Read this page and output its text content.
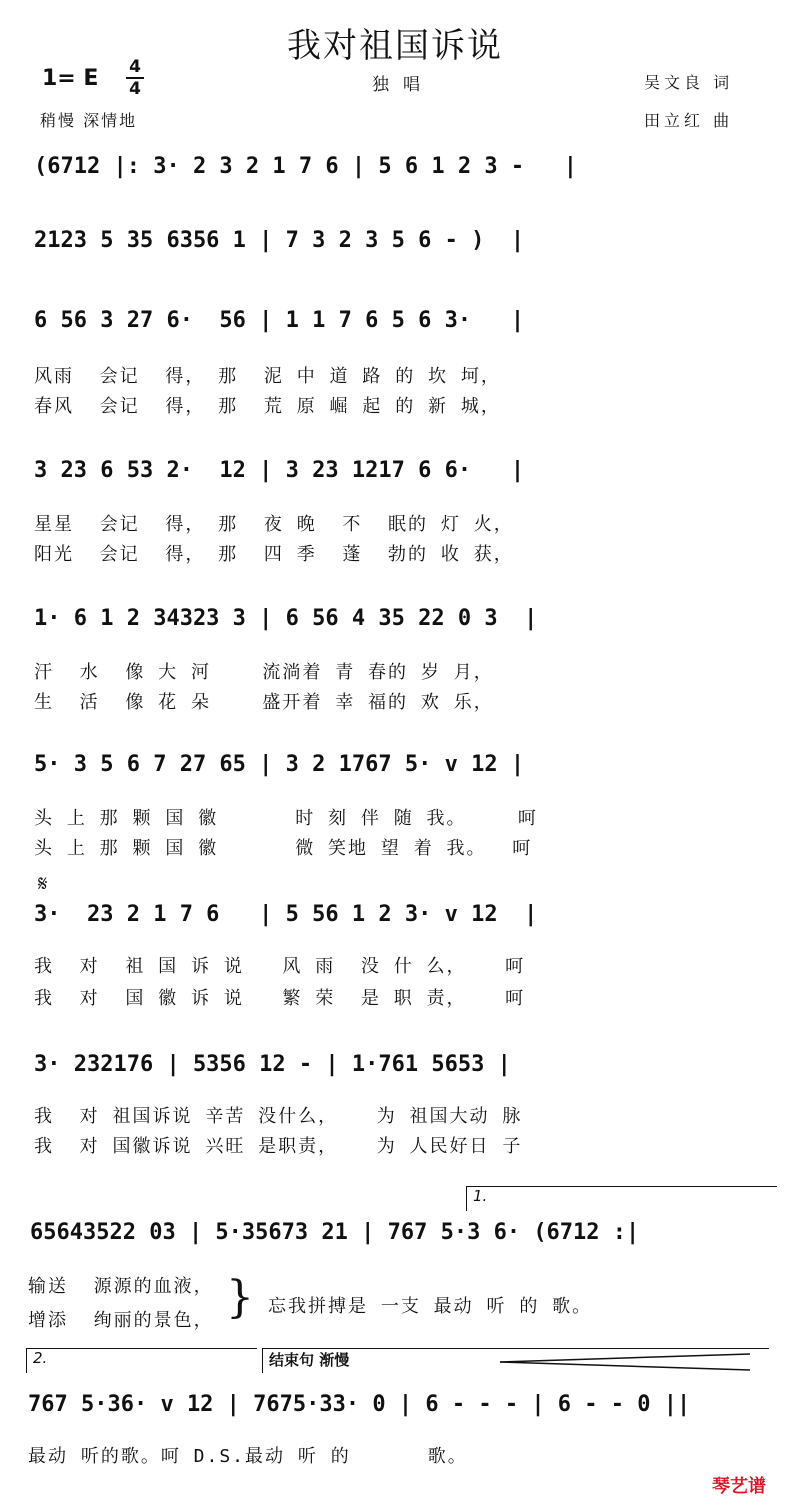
我对祖国诉说
1= E 4
4	独唱	吴文良 词
田立红 曲
稍慢 深情地
(6712 |: 3· 2 3 2 1 7 6 | 5 6 1 2 3 -   |
2123 5 35 6356 1 | 7 3 2 3 5 6 - )  |
6 56 3 27 6·  56 | 1 1 7 6 5 6 3·   |
风雨  会记  得， 那  泥 中 道 路 的 坎 坷，
春风  会记  得， 那  荒 原 崛 起 的 新 城，
3 23 6 53 2·  12 | 3 23 1217 6 6·   |
星星  会记  得， 那  夜 晚  不  眠的 灯 火，
阳光  会记  得， 那  四 季  蓬  勃的 收 获，
1· 6 1 2 34323 3 | 6 56 4 35 22 0 3  |
汗  水  像 大 河    流淌着 青 春的 岁 月，
生  活  像 花 朵    盛开着 幸 福的 欢 乐，
5· 3 5 6 7 27 65 | 3 2 1767 5· v 12 |
头 上 那 颗 国 徽      时 刻 伴 随 我。    呵
头 上 那 颗 国 徽      微 笑地 望 着 我。  呵
𝄋
3·  23 2 1 7 6   | 5 56 1 2 3· v 12  |
我  对  祖 国 诉 说   风 雨  没 什 么，   呵
我  对  国 徽 诉 说   繁 荣  是 职 责，   呵
3· 232176 | 5356 12 - | 1·761 5653 |
我  对 祖国诉说 辛苦 没什么，   为 祖国大动 脉
我  对 国徽诉说 兴旺 是职责，   为 人民好日 子
1.
65643522 03 | 5·35673 21 | 767 5·3 6· (6712 :|
输送  源源的血液，
增添  绚丽的景色， } 忘我拼搏是 一支 最动 听 的 歌。
2.	结束句 渐慢
767 5·36· v 12 | 7675·33· 0 | 6 - - - | 6 - - 0 ||
最动 听的歌。呵 D.S.最动 听 的      歌。
琴艺谱
